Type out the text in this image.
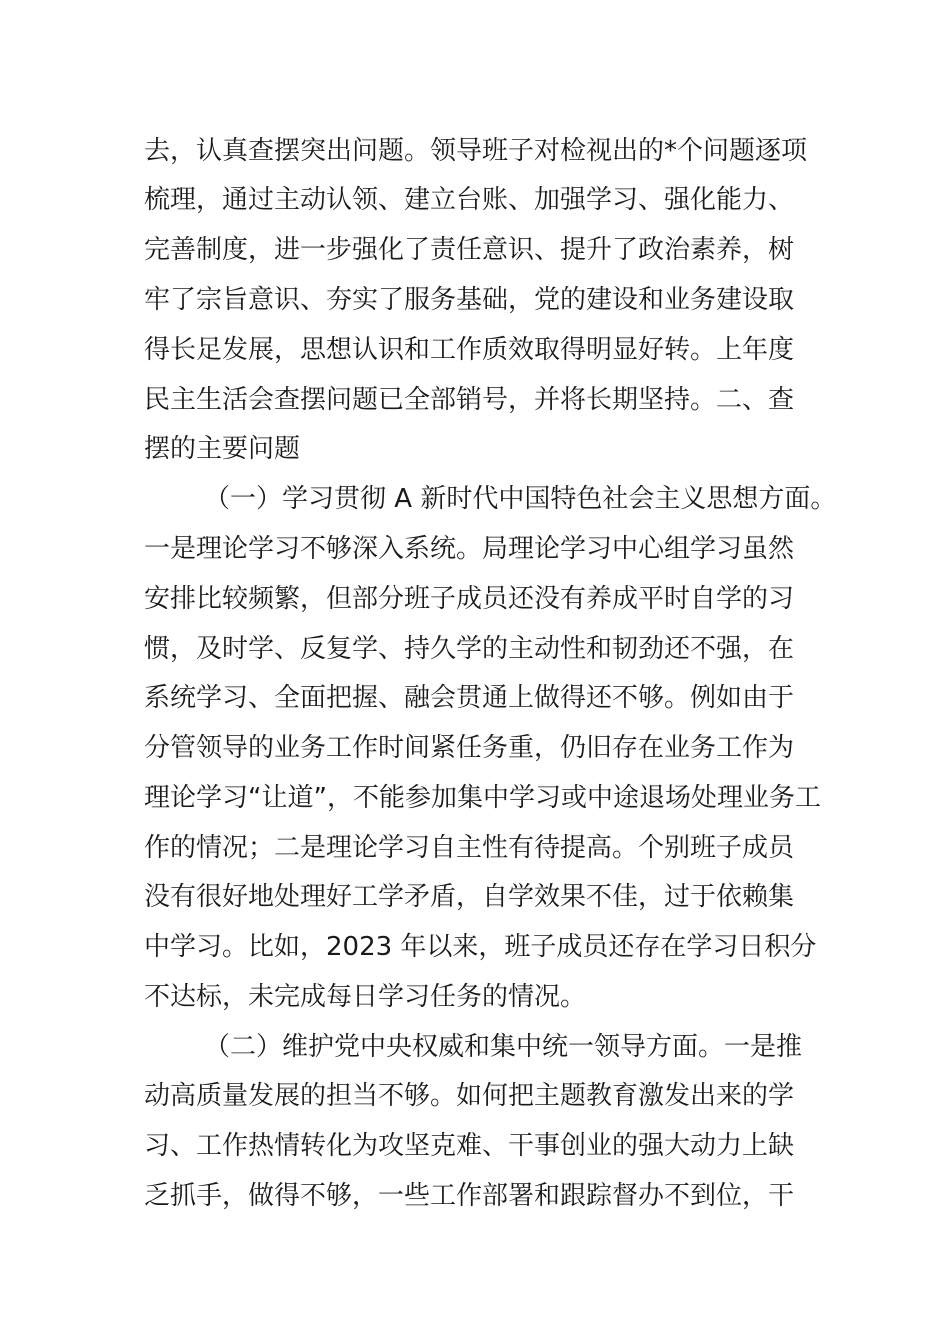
去，认真查摆突出问题。领导班子对检视出的*个问题逐项

梳理，通过主动认领、建立台账、加强学习、强化能力、

完善制度，进一步强化了责任意识、提升了政治素养，树

牢了宗旨意识、夯实了服务基础，党的建设和业务建设取

得长足发展，思想认识和工作质效取得明显好转。上年度

民主生活会查摆问题已全部销号，并将长期坚持。二、查

摆的主要问题

（一）学习贯彻 A 新时代中国特色社会主义思想方面。

一是理论学习不够深入系统。局理论学习中心组学习虽然

安排比较频繁，但部分班子成员还没有养成平时自学的习

惯，及时学、反复学、持久学的主动性和韧劲还不强，在

系统学习、全面把握、融会贯通上做得还不够。例如由于

分管领导的业务工作时间紧任务重，仍旧存在业务工作为

理论学习“让道”，不能参加集中学习或中途退场处理业务工

作的情况；二是理论学习自主性有待提高。个别班子成员

没有很好地处理好工学矛盾，自学效果不佳，过于依赖集

中学习。比如，2023 年以来，班子成员还存在学习日积分

不达标，未完成每日学习任务的情况。

（二）维护党中央权威和集中统一领导方面。一是推

动高质量发展的担当不够。如何把主题教育激发出来的学

习、工作热情转化为攻坚克难、干事创业的强大动力上缺

乏抓手，做得不够，一些工作部署和跟踪督办不到位，干
